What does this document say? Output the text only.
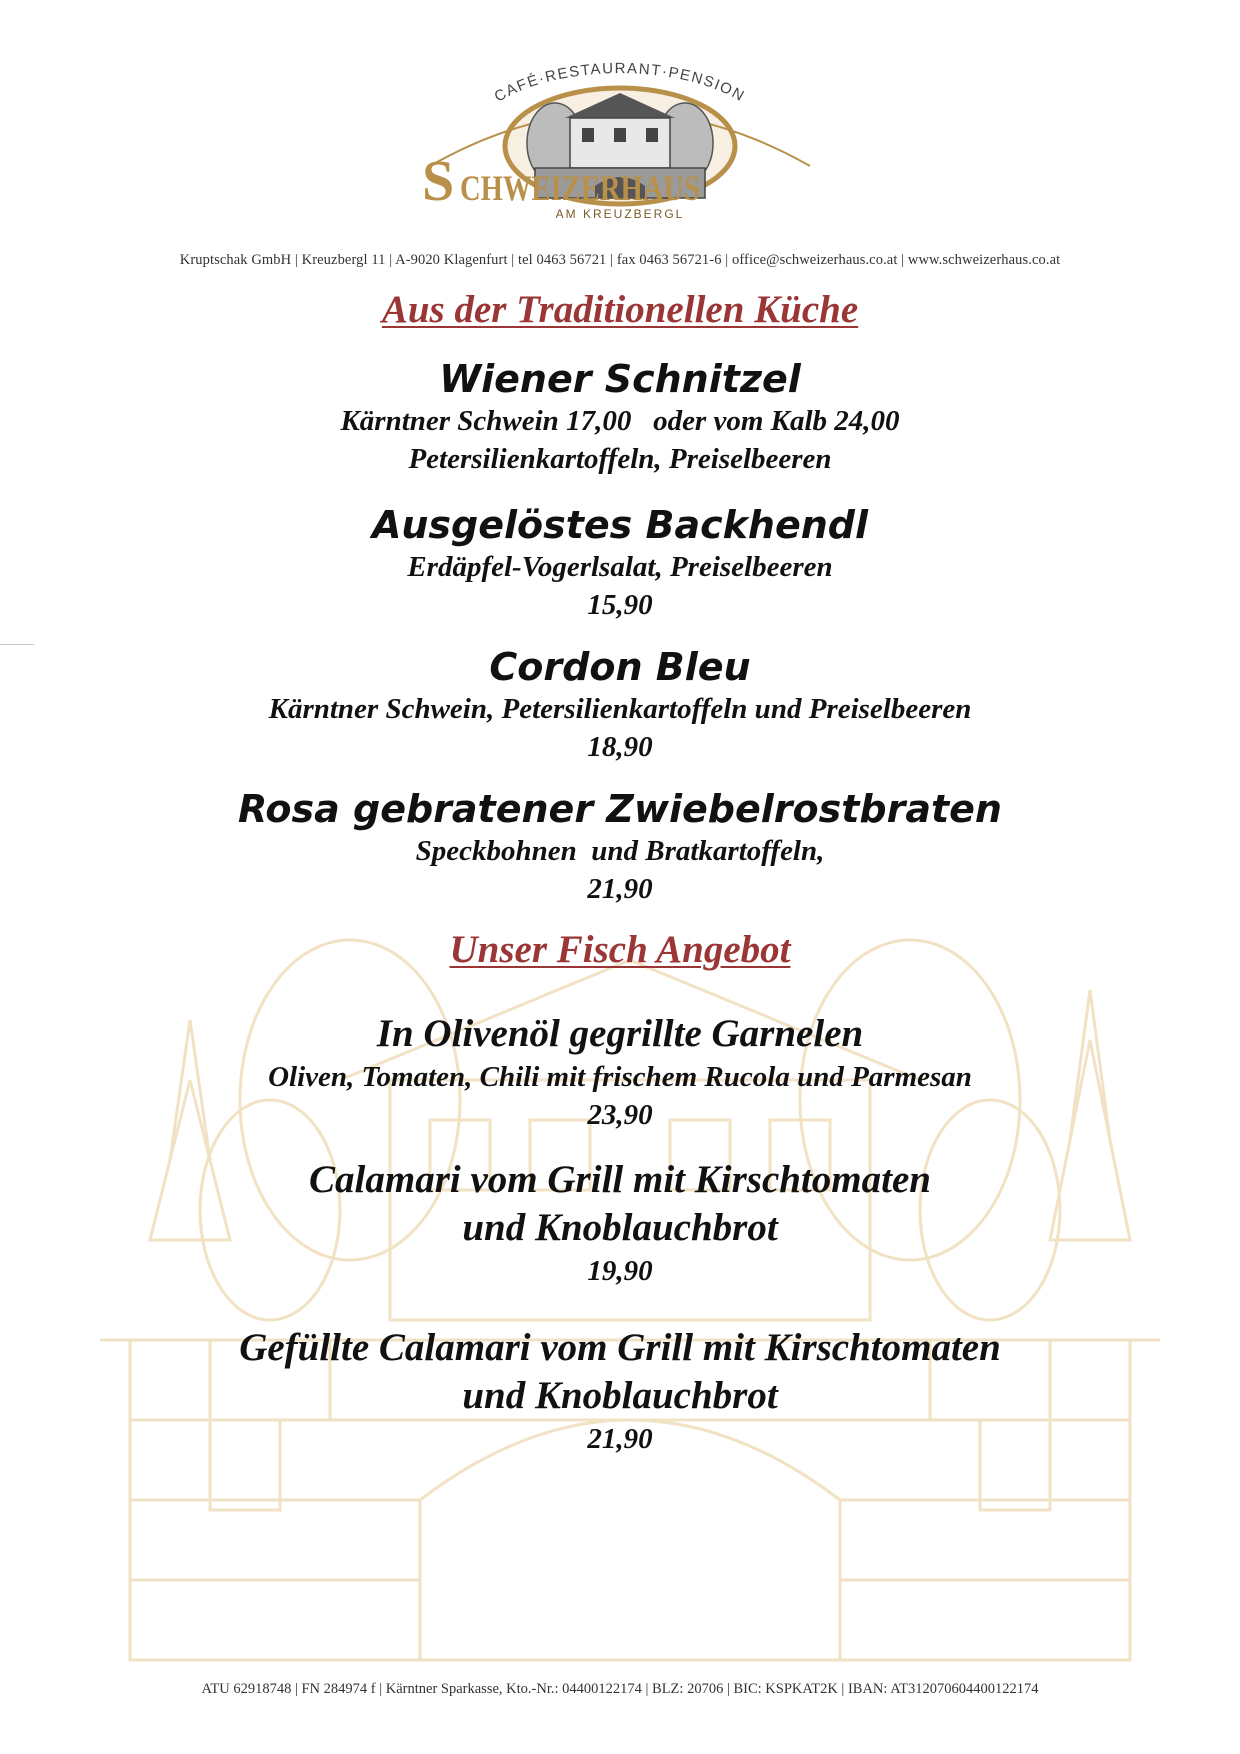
CAFÉ·RESTAURANT·PENSION
S CHWEIZERHAUS
AM KREUZBERGL
Kruptschak GmbH | Kreuzbergl 11 | A-9020 Klagenfurt | tel 0463 56721 | fax 0463 56721-6 | office@schweizerhaus.co.at | www.schweizerhaus.co.at
Aus der Traditionellen Küche

Wiener Schnitzel

Kärntner Schwein 17,00   oder vom Kalb 24,00

Petersilienkartoffeln, Preiselbeeren

Ausgelöstes Backhendl

Erdäpfel-Vogerlsalat, Preiselbeeren

15,90

Cordon Bleu

Kärntner Schwein, Petersilienkartoffeln und Preiselbeeren

18,90

Rosa gebratener Zwiebelrostbraten

Speckbohnen  und Bratkartoffeln,

21,90

Unser Fisch Angebot

In Olivenöl gegrillte Garnelen

Oliven, Tomaten, Chili mit frischem Rucola und Parmesan

23,90

Calamari vom Grill mit Kirschtomaten

und Knoblauchbrot

19,90

Gefüllte Calamari vom Grill mit Kirschtomaten

und Knoblauchbrot

21,90

ATU 62918748 | FN 284974 f | Kärntner Sparkasse, Kto.-Nr.: 04400122174 | BLZ: 20706 | BIC: KSPKAT2K | IBAN: AT312070604400122174
